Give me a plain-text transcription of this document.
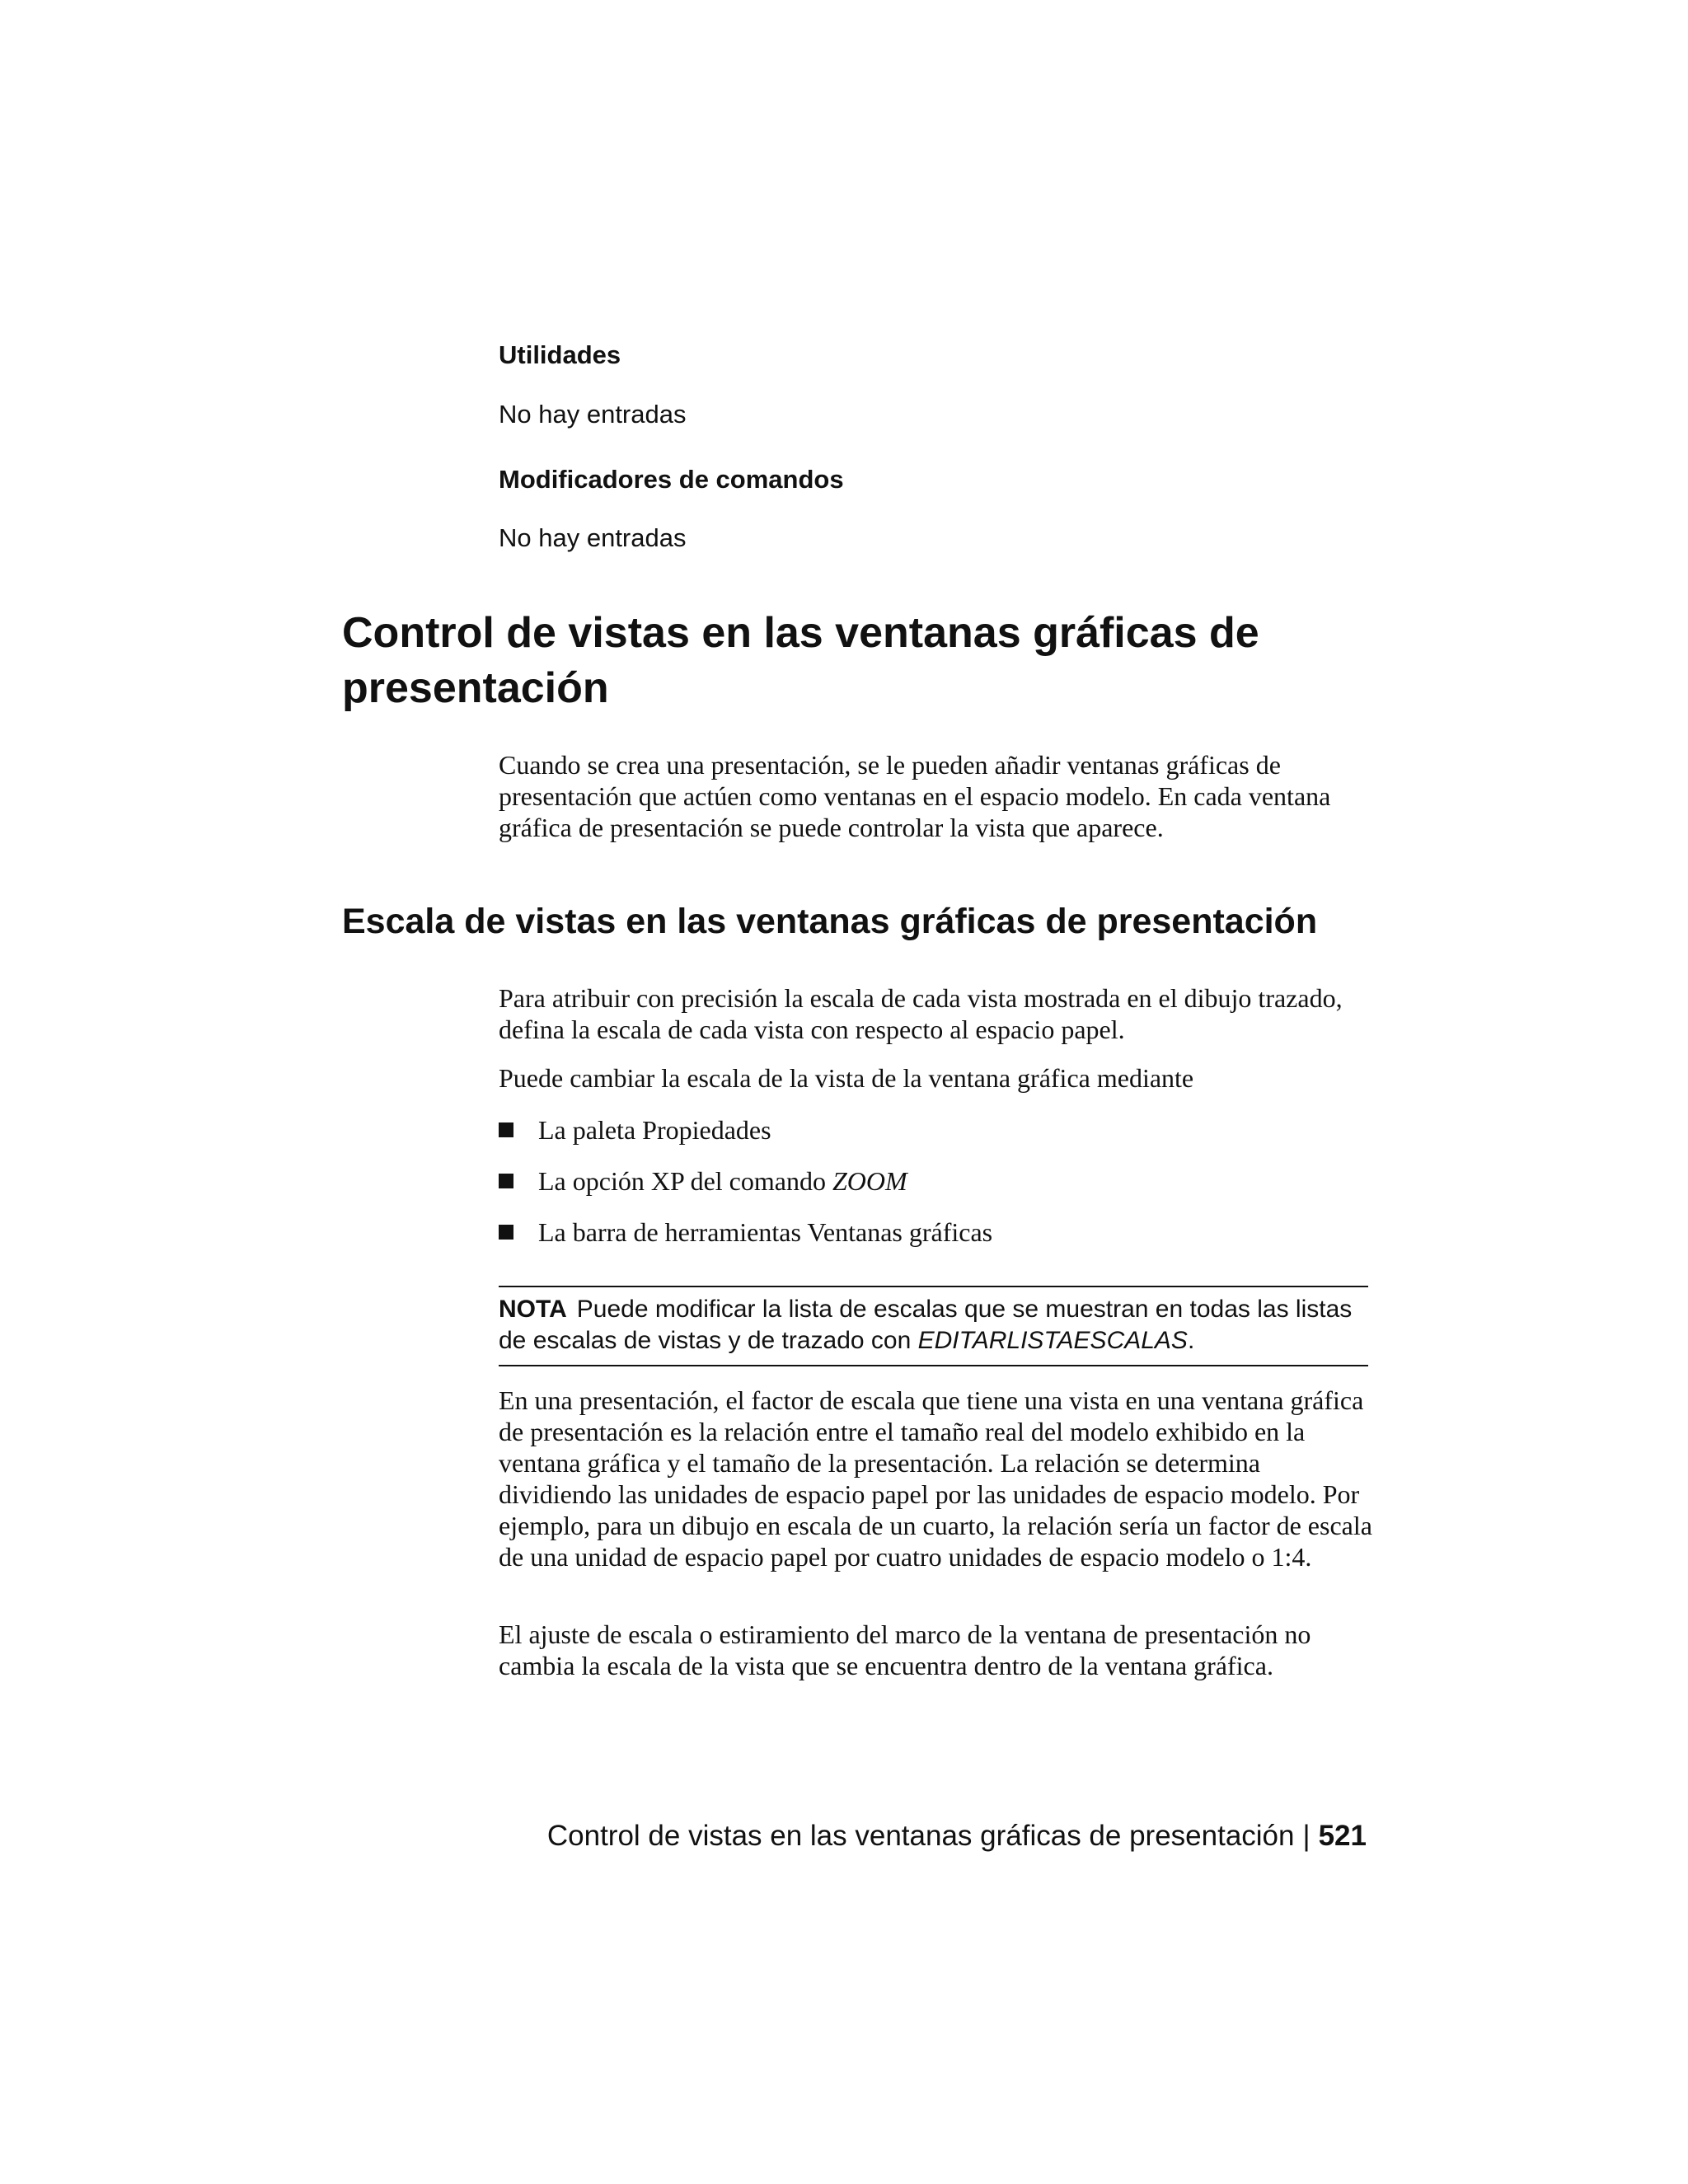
Utilidades

No hay entradas

Modificadores de comandos

No hay entradas

Control de vistas en las ventanas gráficas de presentación

Cuando se crea una presentación, se le pueden añadir ventanas gráficas de presentación que actúen como ventanas en el espacio modelo. En cada ventana gráfica de presentación se puede controlar la vista que aparece.

Escala de vistas en las ventanas gráficas de presentación

Para atribuir con precisión la escala de cada vista mostrada en el dibujo trazado, defina la escala de cada vista con respecto al espacio papel.

Puede cambiar la escala de la vista de la ventana gráfica mediante

La paleta Propiedades
La opción XP del comando ZOOM
La barra de herramientas Ventanas gráficas
NOTA Puede modificar la lista de escalas que se muestran en todas las listas de escalas de vistas y de trazado con EDITARLISTAESCALAS.

En una presentación, el factor de escala que tiene una vista en una ventana gráfica de presentación es la relación entre el tamaño real del modelo exhibido en la ventana gráfica y el tamaño de la presentación. La relación se determina dividiendo las unidades de espacio papel por las unidades de espacio modelo. Por ejemplo, para un dibujo en escala de un cuarto, la relación sería un factor de escala de una unidad de espacio papel por cuatro unidades de espacio modelo o 1:4.

El ajuste de escala o estiramiento del marco de la ventana de presentación no cambia la escala de la vista que se encuentra dentro de la ventana gráfica.

Control de vistas en las ventanas gráficas de presentación | 521
